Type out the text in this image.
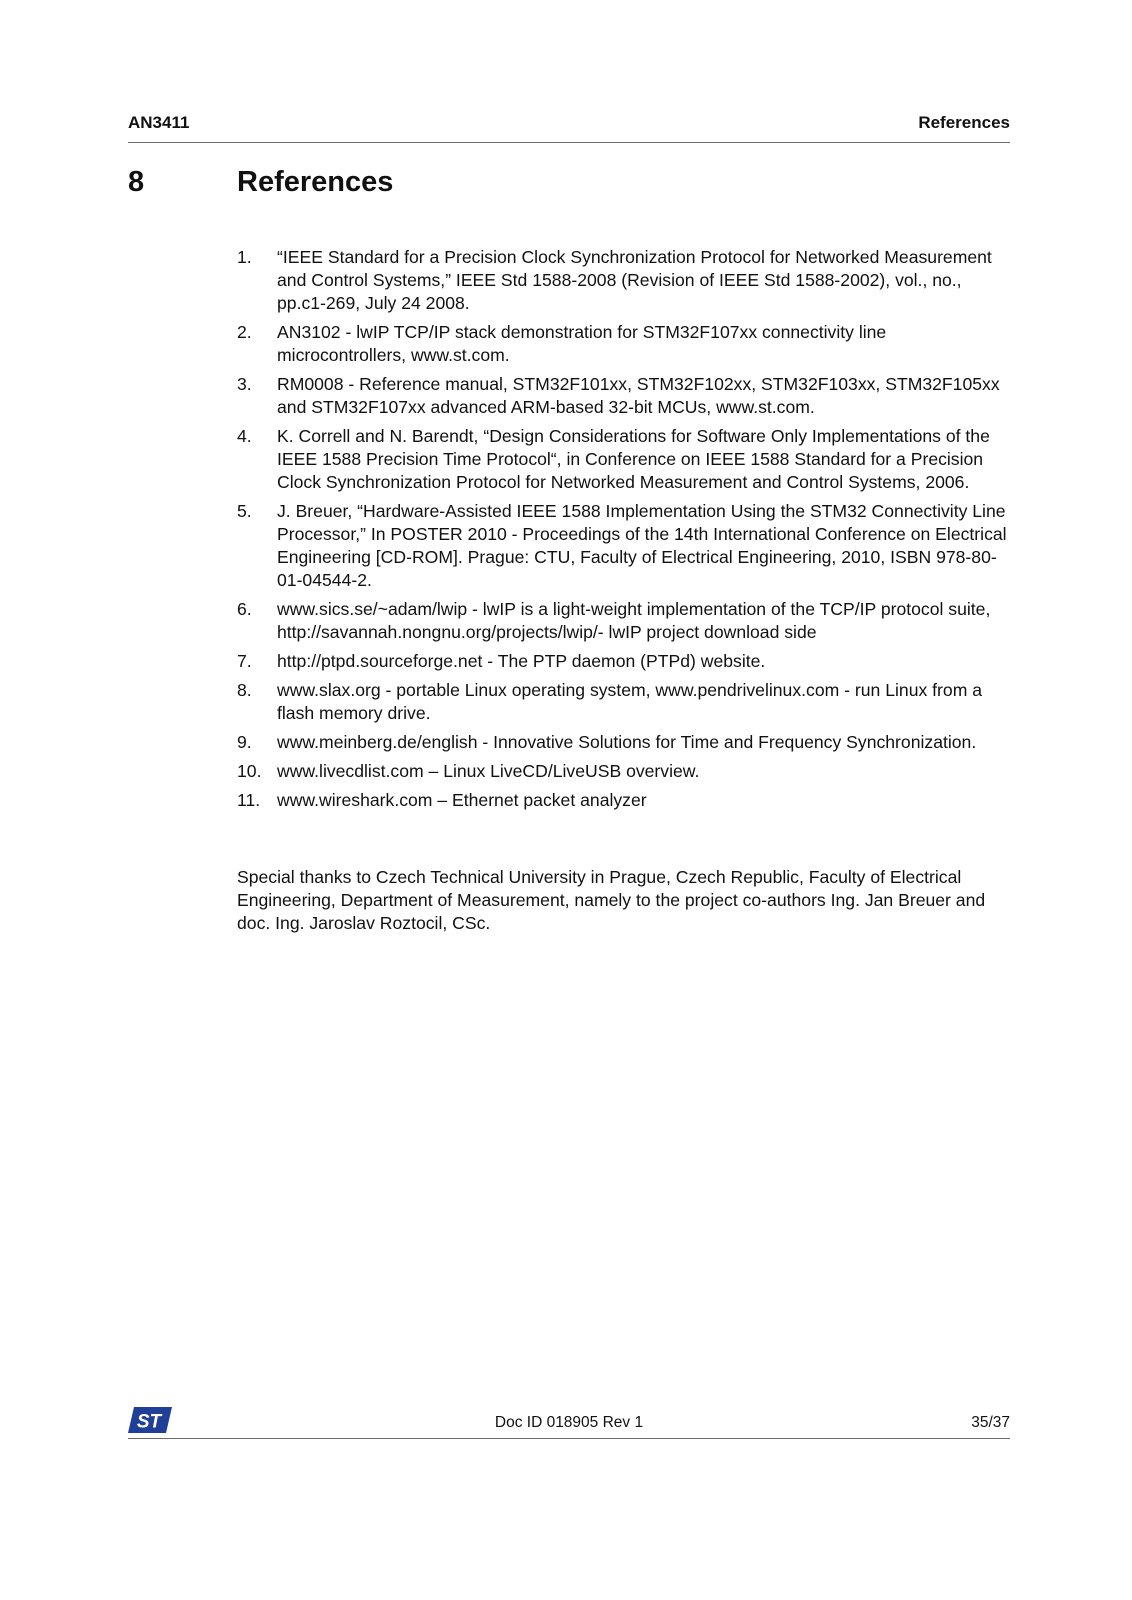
AN3411	References
8	References
1. “IEEE Standard for a Precision Clock Synchronization Protocol for Networked Measurement and Control Systems,” IEEE Std 1588-2008 (Revision of IEEE Std 1588-2002), vol., no., pp.c1-269, July 24 2008.
2. AN3102 - lwIP TCP/IP stack demonstration for STM32F107xx connectivity line microcontrollers, www.st.com.
3. RM0008 - Reference manual, STM32F101xx, STM32F102xx, STM32F103xx, STM32F105xx and STM32F107xx advanced ARM-based 32-bit MCUs, www.st.com.
4. K. Correll and N. Barendt, “Design Considerations for Software Only Implementations of the IEEE 1588 Precision Time Protocol“, in Conference on IEEE 1588 Standard for a Precision Clock Synchronization Protocol for Networked Measurement and Control Systems, 2006.
5. J. Breuer, “Hardware-Assisted IEEE 1588 Implementation Using the STM32 Connectivity Line Processor,” In POSTER 2010 - Proceedings of the 14th International Conference on Electrical Engineering [CD-ROM]. Prague: CTU, Faculty of Electrical Engineering, 2010, ISBN 978-80-01-04544-2.
6. www.sics.se/~adam/lwip - lwIP is a light-weight implementation of the TCP/IP protocol suite, http://savannah.nongnu.org/projects/lwip/- lwIP project download side
7. http://ptpd.sourceforge.net - The PTP daemon (PTPd) website.
8. www.slax.org - portable Linux operating system, www.pendrivelinux.com - run Linux from a flash memory drive.
9. www.meinberg.de/english - Innovative Solutions for Time and Frequency Synchronization.
10. www.livecdlist.com – Linux LiveCD/LiveUSB overview.
11. www.wireshark.com – Ethernet packet analyzer

Special thanks to Czech Technical University in Prague, Czech Republic, Faculty of Electrical Engineering, Department of Measurement, namely to the project co-authors Ing. Jan Breuer and doc. Ing. Jaroslav Roztocil, CSc.

ST	Doc ID 018905 Rev 1	35/37
